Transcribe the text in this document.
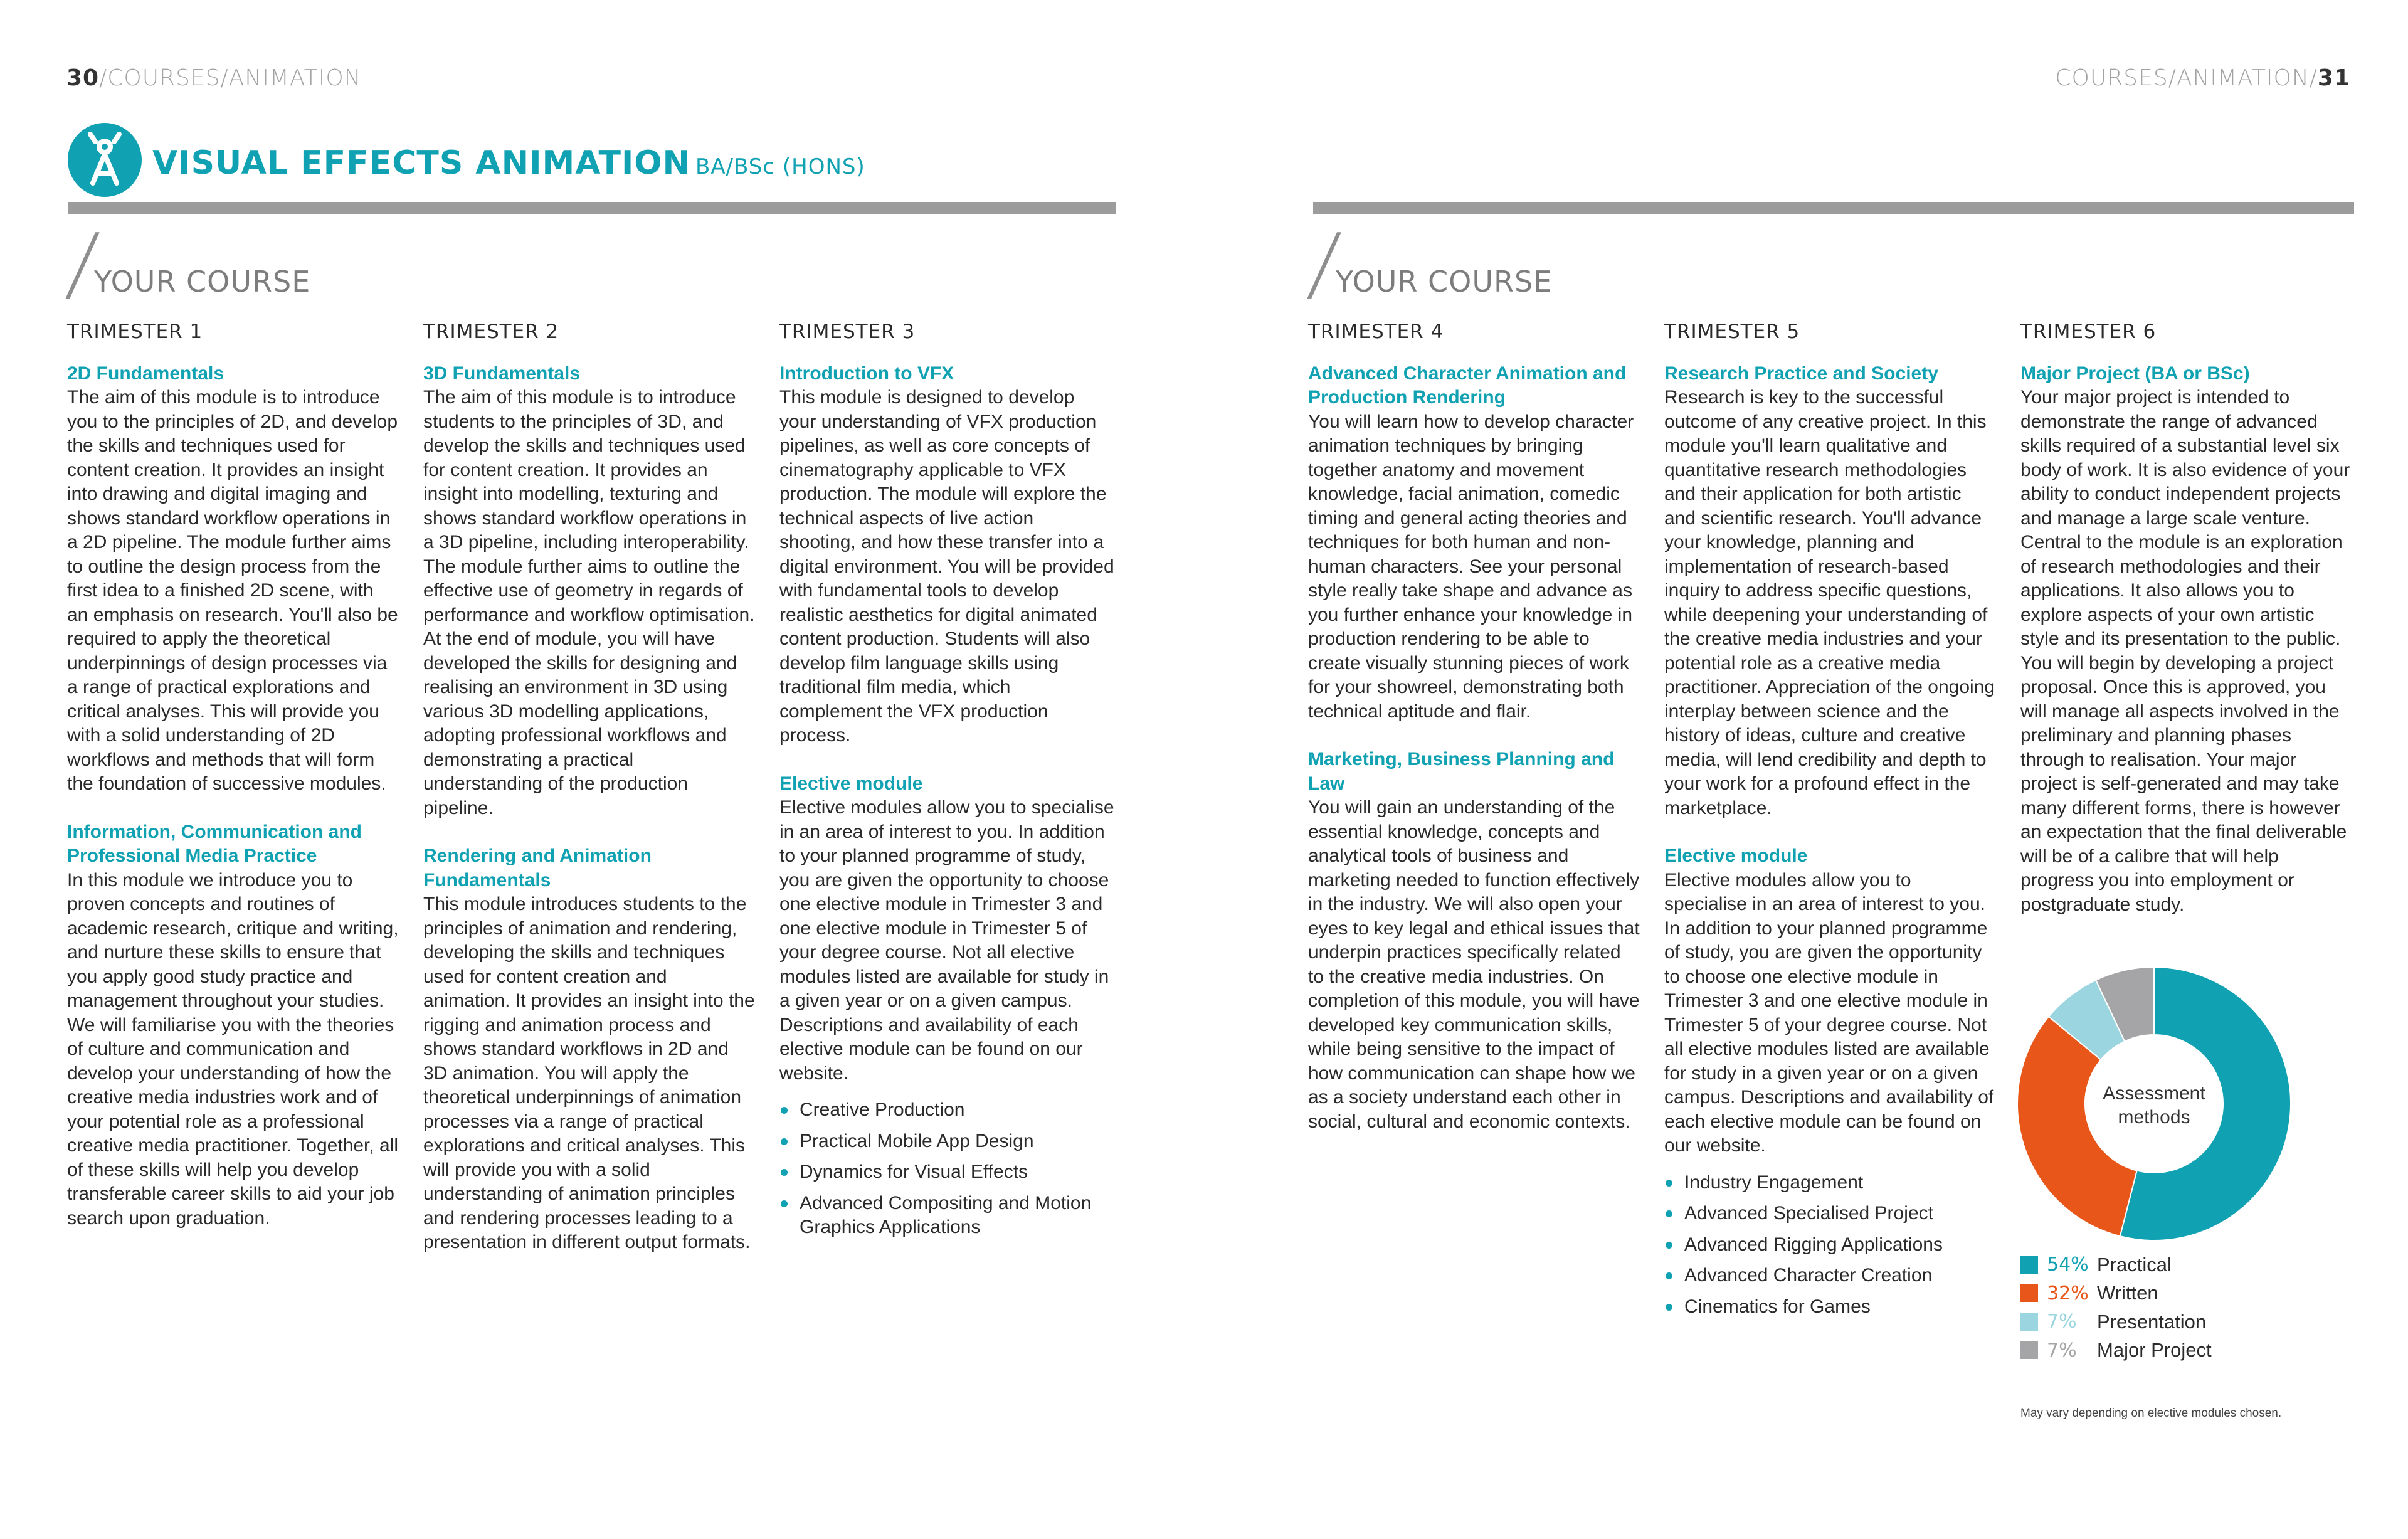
30/COURSES/ANIMATION	COURSES/ANIMATION/31
VISUAL EFFECTS ANIMATION BA/BSc (HONS)
/
YOUR COURSE	/
YOUR COURSE
TRIMESTER 1
2D Fundamentals

The aim of this module is to introduce you to the principles of 2D, and develop the skills and techniques used for content creation. It provides an insight into drawing and digital imaging and shows standard workflow operations in a 2D pipeline. The module further aims to outline the design process from the first idea to a finished 2D scene, with an emphasis on research. You'll also be required to apply the theoretical underpinnings of design processes via a range of practical explorations and critical analyses. This will provide you with a solid understanding of 2D workflows and methods that will form the foundation of successive modules.

Information, Communication and Professional Media Practice

In this module we introduce you to proven concepts and routines of academic research, critique and writing, and nurture these skills to ensure that you apply good study practice and management throughout your studies. We will familiarise you with the theories of culture and communication and develop your understanding of how the creative media industries work and of your potential role as a professional creative media practitioner. Together, all of these skills will help you develop transferable career skills to aid your job search upon graduation.

TRIMESTER 2
3D Fundamentals

The aim of this module is to introduce students to the principles of 3D, and develop the skills and techniques used for content creation. It provides an insight into modelling, texturing and shows standard workflow operations in a 3D pipeline, including interoperability. The module further aims to outline the effective use of geometry in regards of performance and workflow optimisation. At the end of module, you will have developed the skills for designing and realising an environment in 3D using various 3D modelling applications, adopting professional workflows and demonstrating a practical understanding of the production pipeline.

Rendering and Animation Fundamentals

This module introduces students to the principles of animation and rendering, developing the skills and techniques used for content creation and animation. It provides an insight into the rigging and animation process and shows standard workflows in 2D and 3D animation. You will apply the theoretical underpinnings of animation processes via a range of practical explorations and critical analyses. This will provide you with a solid understanding of animation principles and rendering processes leading to a presentation in different output formats.

TRIMESTER 3
Introduction to VFX

This module is designed to develop your understanding of VFX production pipelines, as well as core concepts of cinematography applicable to VFX production. The module will explore the technical aspects of live action shooting, and how these transfer into a digital environment. You will be provided with fundamental tools to develop realistic aesthetics for digital animated content production. Students will also develop film language skills using traditional film media, which complement the VFX production process.

Elective module

Elective modules allow you to specialise in an area of interest to you. In addition to your planned programme of study, you are given the opportunity to choose one elective module in Trimester 3 and one elective module in Trimester 5 of your degree course. Not all elective modules listed are available for study in a given year or on a given campus. Descriptions and availability of each elective module can be found on our website.

Creative Production
Practical Mobile App Design
Dynamics for Visual Effects
Advanced Compositing and Motion Graphics Applications
TRIMESTER 4
Advanced Character Animation and Production Rendering

You will learn how to develop character animation techniques by bringing together anatomy and movement knowledge, facial animation, comedic timing and general acting theories and techniques for both human and non-human characters. See your personal style really take shape and advance as you further enhance your knowledge in production rendering to be able to create visually stunning pieces of work for your showreel, demonstrating both technical aptitude and flair.

Marketing, Business Planning and Law

You will gain an understanding of the essential knowledge, concepts and analytical tools of business and marketing needed to function effectively in the industry. We will also open your eyes to key legal and ethical issues that underpin practices specifically related to the creative media industries. On completion of this module, you will have developed key communication skills, while being sensitive to the impact of how communication can shape how we as a society understand each other in social, cultural and economic contexts.

TRIMESTER 5
Research Practice and Society

Research is key to the successful outcome of any creative project. In this module you'll learn qualitative and quantitative research methodologies and their application for both artistic and scientific research. You'll advance your knowledge, planning and implementation of research-based inquiry to address specific questions, while deepening your understanding of the creative media industries and your potential role as a creative media practitioner. Appreciation of the ongoing interplay between science and the history of ideas, culture and creative media, will lend credibility and depth to your work for a profound effect in the marketplace.

Elective module

Elective modules allow you to specialise in an area of interest to you. In addition to your planned programme of study, you are given the opportunity to choose one elective module in Trimester 3 and one elective module in Trimester 5 of your degree course. Not all elective modules listed are available for study in a given year or on a given campus. Descriptions and availability of each elective module can be found on our website.

Industry Engagement
Advanced Specialised Project
Advanced Rigging Applications
Advanced Character Creation
Cinematics for Games
TRIMESTER 6
Major Project (BA or BSc)

Your major project is intended to demonstrate the range of advanced skills required of a substantial level six body of work. It is also evidence of your ability to conduct independent projects and manage a large scale venture. Central to the module is an exploration of research methodologies and their applications. It also allows you to explore aspects of your own artistic style and its presentation to the public. You will begin by developing a project proposal. Once this is approved, you will manage all aspects involved in the preliminary and planning phases through to realisation. Your major project is self-generated and may take many different forms, there is however an expectation that the final deliverable will be of a calibre that will help progress you into employment or postgraduate study.

Assessment
methods
54% Practical
32% Written
7%	Presentation
7%	Major Project
May vary depending on elective modules chosen.
